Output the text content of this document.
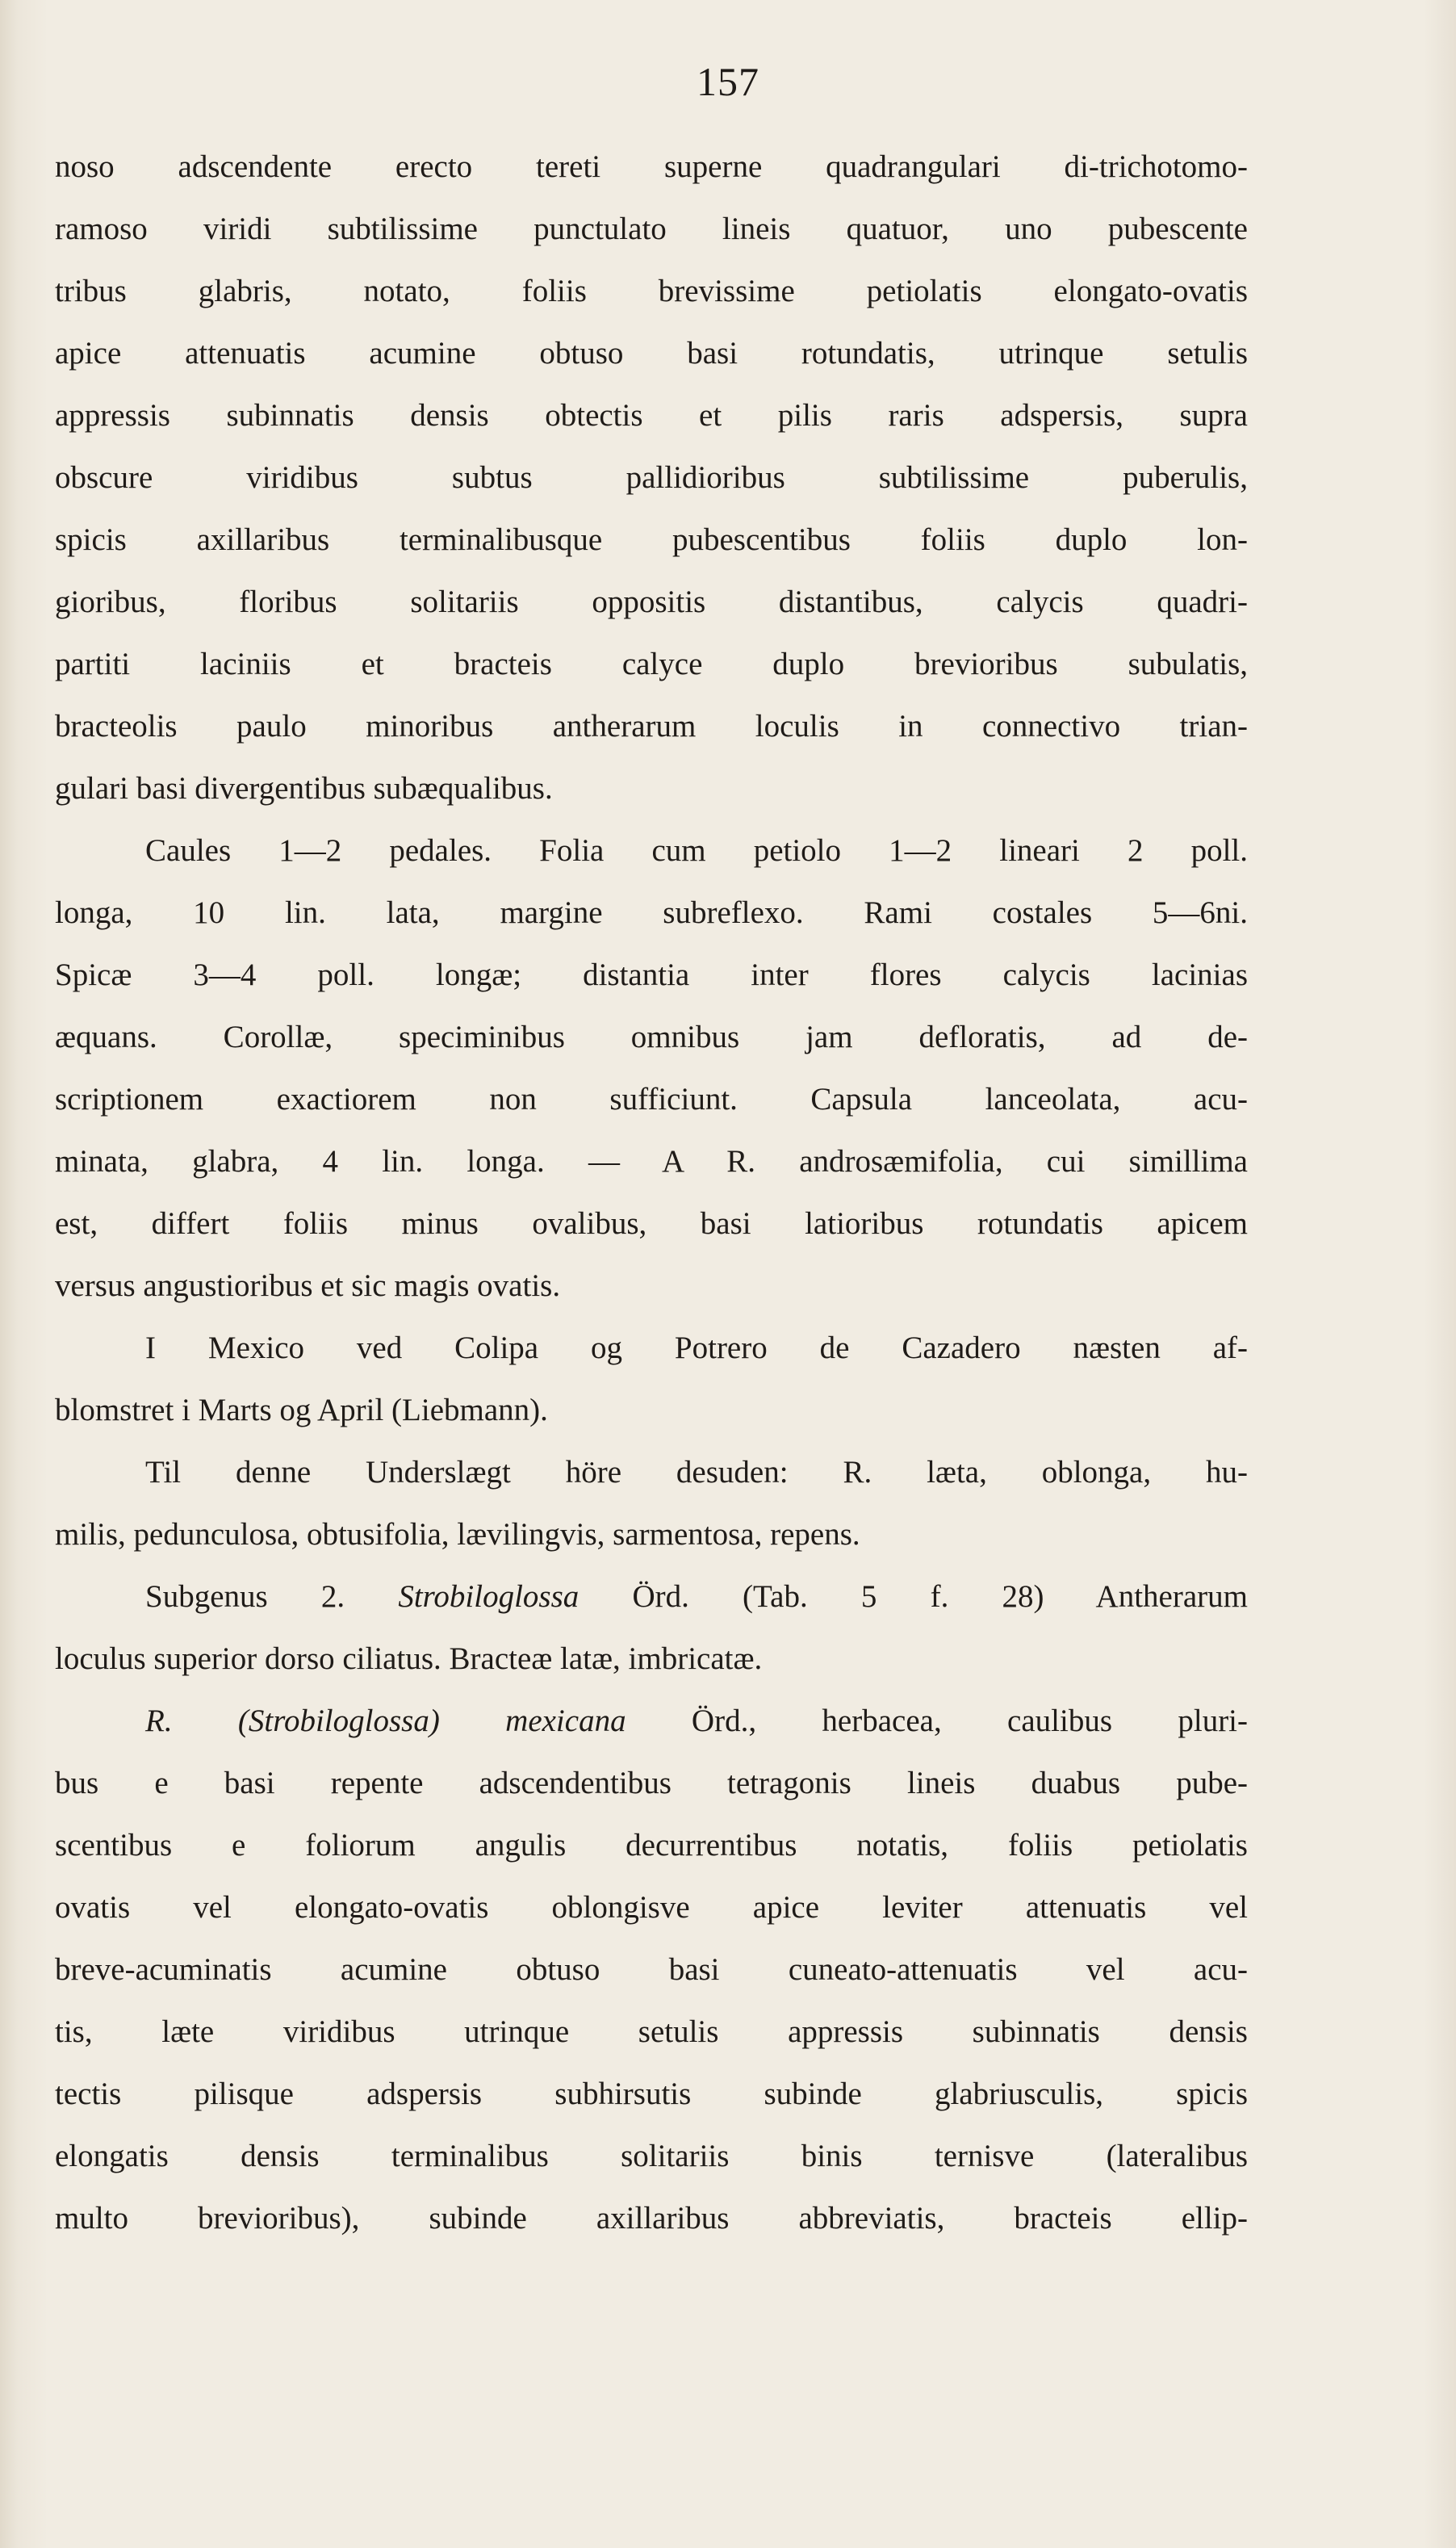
157
noso adscendente erecto tereti superne quadrangulari di-trichotomo-
ramoso viridi subtilissime punctulato lineis quatuor, uno pubescente
tribus glabris, notato, foliis brevissime petiolatis elongato-ovatis
apice attenuatis acumine obtuso basi rotundatis, utrinque setulis
appressis subinnatis densis obtectis et pilis raris adspersis, supra
obscure viridibus subtus pallidioribus subtilissime puberulis,
spicis axillaribus terminalibusque pubescentibus foliis duplo lon-
gioribus, floribus solitariis oppositis distantibus, calycis quadri-
partiti laciniis et bracteis calyce duplo brevioribus subulatis,
bracteolis paulo minoribus antherarum loculis in connectivo trian-
gulari basi divergentibus subæqualibus.
Caules 1—2 pedales. Folia cum petiolo 1—2 lineari 2 poll.
longa, 10 lin. lata, margine subreflexo. Rami costales 5—6ni.
Spicæ 3—4 poll. longæ; distantia inter flores calycis lacinias
æquans. Corollæ, speciminibus omnibus jam defloratis, ad de-
scriptionem exactiorem non sufficiunt. Capsula lanceolata, acu-
minata, glabra, 4 lin. longa. — A R. androsæmifolia, cui simillima
est, differt foliis minus ovalibus, basi latioribus rotundatis apicem
versus angustioribus et sic magis ovatis.
I Mexico ved Colipa og Potrero de Cazadero næsten af-
blomstret i Marts og April (Liebmann).
Til denne Underslægt höre desuden: R. læta, oblonga, hu-
milis, pedunculosa, obtusifolia, lævilingvis, sarmentosa, repens.
Subgenus 2. Strobiloglossa Örd. (Tab. 5 f. 28) Antherarum
loculus superior dorso ciliatus. Bracteæ latæ, imbricatæ.
R. (Strobiloglossa) mexicana Örd., herbacea, caulibus pluri-
bus e basi repente adscendentibus tetragonis lineis duabus pube-
scentibus e foliorum angulis decurrentibus notatis, foliis petiolatis
ovatis vel elongato-ovatis oblongisve apice leviter attenuatis vel
breve-acuminatis acumine obtuso basi cuneato-attenuatis vel acu-
tis, læte viridibus utrinque setulis appressis subinnatis densis
tectis pilisque adspersis subhirsutis subinde glabriusculis, spicis
elongatis densis terminalibus solitariis binis ternisve (lateralibus
multo brevioribus), subinde axillaribus abbreviatis, bracteis ellip-
